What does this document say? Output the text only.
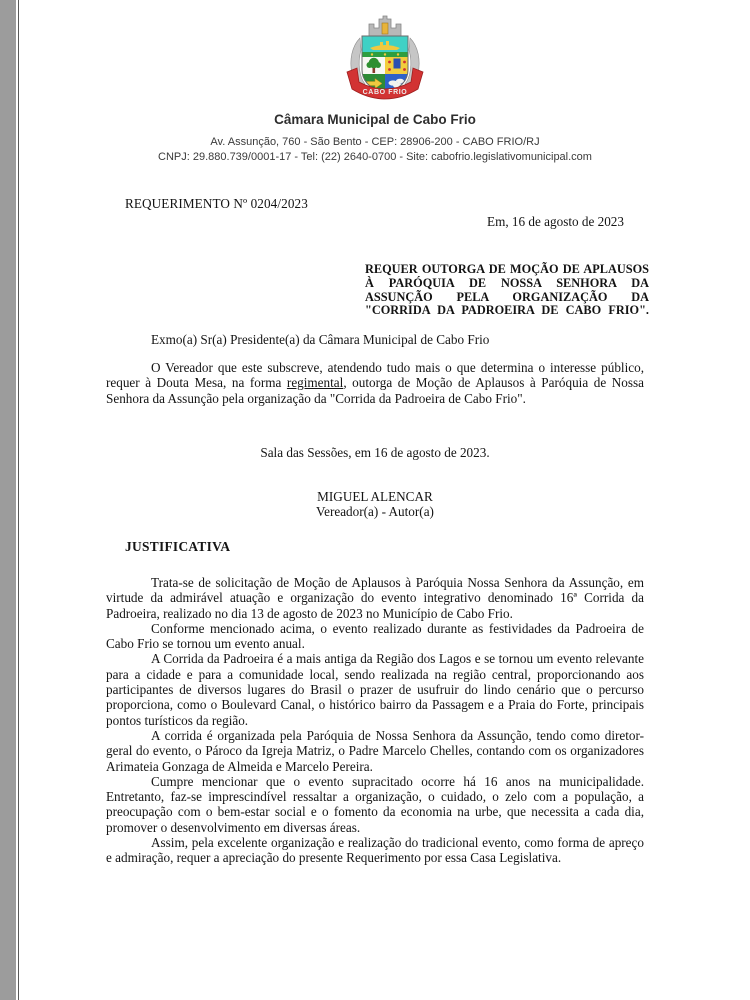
CABO FRIO
Câmara Municipal de Cabo Frio
Av. Assunção, 760 - São Bento - CEP: 28906-200 - CABO FRIO/RJ
CNPJ: 29.880.739/0001-17 - Tel: (22) 2640-0700 - Site: cabofrio.legislativomunicipal.com
REQUERIMENTO Nº 0204/2023
Em, 16 de agosto de 2023
REQUER OUTORGA DE MOÇÃO DE APLAUSOS
À PARÓQUIA DE NOSSA SENHORA DA
ASSUNÇÃO PELA ORGANIZAÇÃO DA
"CORRIDA DA PADROEIRA DE CABO FRIO".
Exmo(a) Sr(a) Presidente(a) da Câmara Municipal de Cabo Frio

O Vereador que este subscreve, atendendo tudo mais o que determina o interesse público, requer à Douta Mesa, na forma regimental, outorga de Moção de Aplausos à Paróquia de Nossa Senhora da Assunção pela organização da "Corrida da Padroeira de Cabo Frio".

Sala das Sessões, em 16 de agosto de 2023.
MIGUEL ALENCAR
Vereador(a) - Autor(a)
JUSTIFICATIVA

Trata-se de solicitação de Moção de Aplausos à Paróquia Nossa Senhora da Assunção, em virtude da admirável atuação e organização do evento integrativo denominado 16ª Corrida da Padroeira, realizado no dia 13 de agosto de 2023 no Município de Cabo Frio.

Conforme mencionado acima, o evento realizado durante as festividades da Padroeira de Cabo Frio se tornou um evento anual.

A Corrida da Padroeira é a mais antiga da Região dos Lagos e se tornou um evento relevante para a cidade e para a comunidade local, sendo realizada na região central, proporcionando aos participantes de diversos lugares do Brasil o prazer de usufruir do lindo cenário que o percurso proporciona, como o Boulevard Canal, o histórico bairro da Passagem e a Praia do Forte, principais pontos turísticos da região.

A corrida é organizada pela Paróquia de Nossa Senhora da Assunção, tendo como diretor-geral do evento, o Pároco da Igreja Matriz, o Padre Marcelo Chelles, contando com os organizadores Arimateia Gonzaga de Almeida e Marcelo Pereira.

Cumpre mencionar que o evento supracitado ocorre há 16 anos na municipalidade. Entretanto, faz-se imprescindível ressaltar a organização, o cuidado, o zelo com a população, a preocupação com o bem-estar social e o fomento da economia na urbe, que necessita a cada dia, promover o desenvolvimento em diversas áreas.

Assim, pela excelente organização e realização do tradicional evento, como forma de apreço e admiração, requer a apreciação do presente Requerimento por essa Casa Legislativa.
